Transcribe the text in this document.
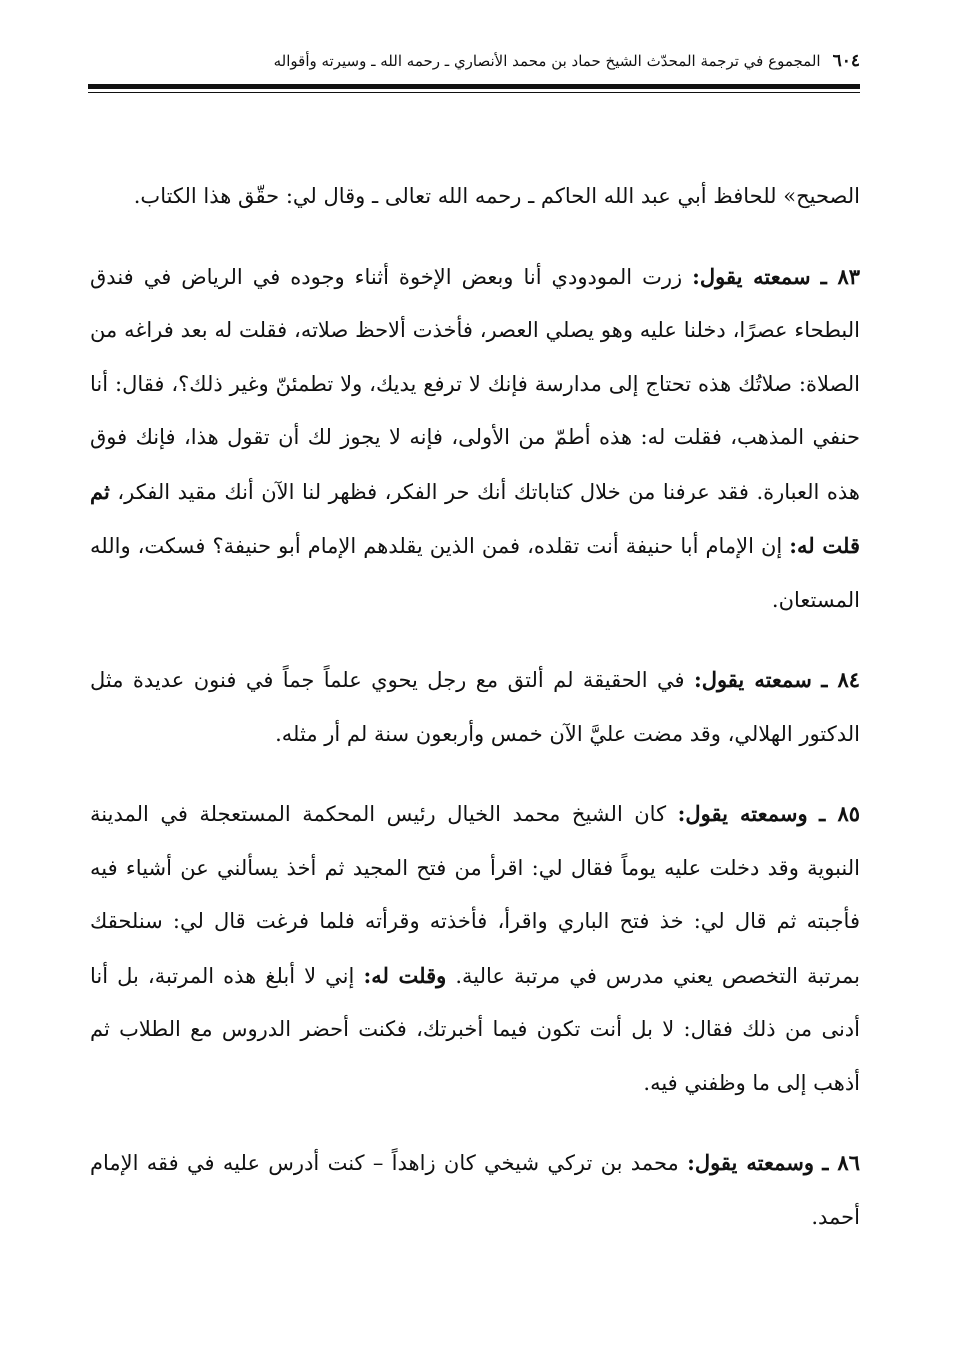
٦٠٤
المجموع في ترجمة المحدّث الشيخ حماد بن محمد الأنصاري ـ رحمه الله ـ وسيرته وأقواله

الصحيح» للحافظ أبي عبد الله الحاكم ـ رحمه الله تعالى ـ وقال لي: حقّق هذا الكتاب.

٨٣ ـ سمعته يقول: زرت المودودي أنا وبعض الإخوة أثناء وجوده في الرياض في فندق البطحاء عصرًا، دخلنا عليه وهو يصلي العصر، فأخذت ألاحظ صلاته، فقلت له بعد فراغه من الصلاة: صلاتُك هذه تحتاج إلى مدارسة فإنك لا ترفع يديك، ولا تطمئنّ وغير ذلك؟، فقال: أنا حنفي المذهب، فقلت له: هذه أطمّ من الأولى، فإنه لا يجوز لك أن تقول هذا، فإنك فوق هذه العبارة. فقد عرفنا من خلال كتاباتك أنك حر الفكر، فظهر لنا الآن أنك مقيد الفكر، ثم قلت له: إن الإمام أبا حنيفة أنت تقلده، فمن الذين يقلدهم الإمام أبو حنيفة؟ فسكت، والله المستعان.

٨٤ ـ سمعته يقول: في الحقيقة لم ألتق مع رجل يحوي علماً جماً في فنون عديدة مثل الدكتور الهلالي، وقد مضت عليَّ الآن خمس وأربعون سنة لم أر مثله.

٨٥ ـ وسمعته يقول: كان الشيخ محمد الخيال رئيس المحكمة المستعجلة في المدينة النبوية وقد دخلت عليه يوماً فقال لي: اقرأ من فتح المجيد ثم أخذ يسألني عن أشياء فيه فأجبته ثم قال لي: خذ فتح الباري واقرأ، فأخذته وقرأته فلما فرغت قال لي: سنلحقك بمرتبة التخصص يعني مدرس في مرتبة عالية. وقلت له: إني لا أبلغ هذه المرتبة، بل أنا أدنى من ذلك فقال: لا بل أنت تكون فيما أخبرتك، فكنت أحضر الدروس مع الطلاب ثم أذهب إلى ما وظفني فيه.

٨٦ ـ وسمعته يقول: محمد بن تركي شيخي كان زاهداً – كنت أدرس عليه في فقه الإمام أحمد.
